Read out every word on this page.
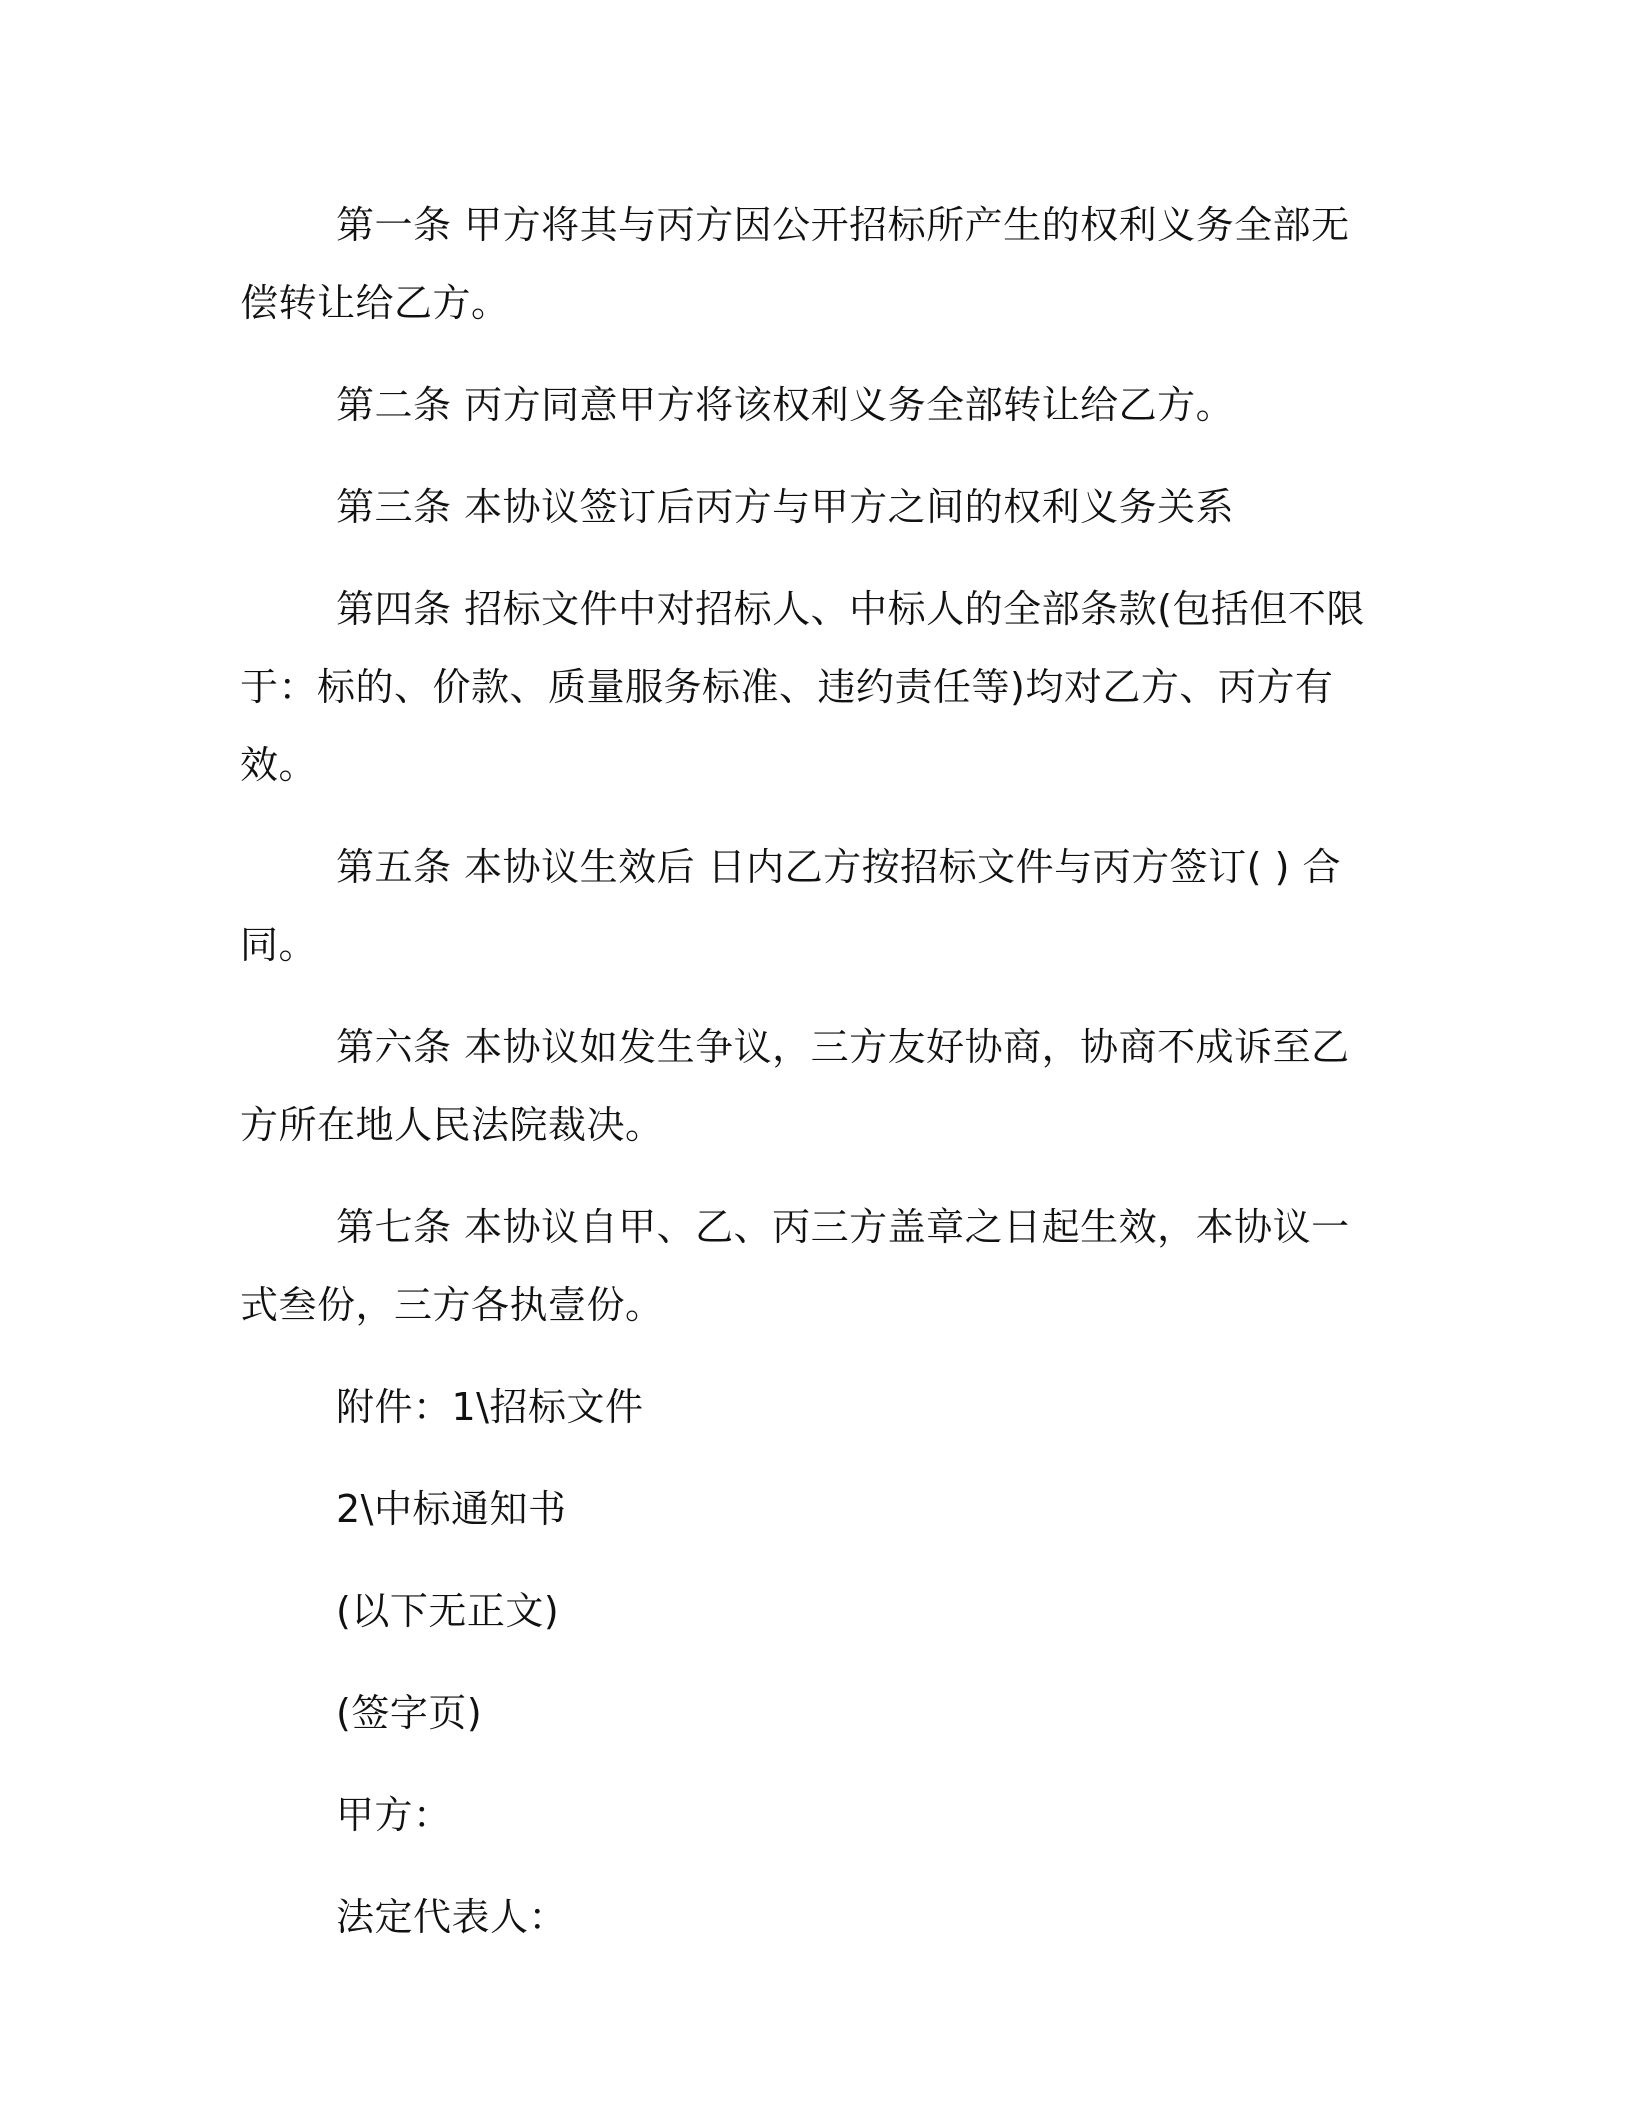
第一条 甲方将其与丙方因公开招标所产生的权利义务全部无偿转让给乙方。

第二条 丙方同意甲方将该权利义务全部转让给乙方。

第三条 本协议签订后丙方与甲方之间的权利义务关系

第四条 招标文件中对招标人、中标人的全部条款(包括但不限于：标的、价款、质量服务标准、违约责任等)均对乙方、丙方有效。

第五条 本协议生效后 日内乙方按招标文件与丙方签订( ) 合同。

第六条 本协议如发生争议，三方友好协商，协商不成诉至乙方所在地人民法院裁决。

第七条 本协议自甲、乙、丙三方盖章之日起生效，本协议一式叁份，三方各执壹份。

附件：1\招标文件

2\中标通知书

(以下无正文)

(签字页)

甲方：

法定代表人：
